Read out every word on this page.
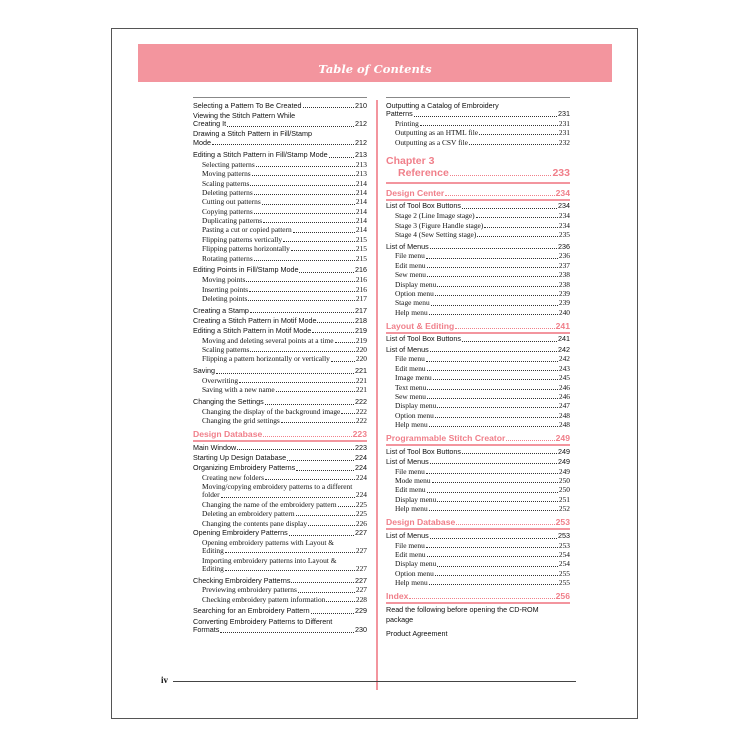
Table of Contents
Selecting a Pattern To Be Created	210
Viewing the Stitch Pattern While
Creating It	212
Drawing a Stitch Pattern in Fill/Stamp
Mode	212
Editing a Stitch Pattern in Fill/Stamp Mode	213
Selecting patterns	213
Moving patterns	213
Scaling patterns	214
Deleting patterns	214
Cutting out patterns	214
Copying patterns	214
Duplicating patterns	214
Pasting a cut or copied pattern	214
Flipping patterns vertically	215
Flipping patterns horizontally	215
Rotating patterns	215
Editing Points in Fill/Stamp Mode	216
Moving points	216
Inserting points	216
Deleting points	217
Creating a Stamp	217
Creating a Stitch Pattern in Motif Mode	218
Editing a Stitch Pattern in Motif Mode	219
Moving and deleting several points at a time	219
Scaling patterns	220
Flipping a pattern horizontally or vertically	220
Saving	221
Overwriting	221
Saving with a new name	221
Changing the Settings	222
Changing the display of the background image 222
Changing the grid settings	222
Design Database	223
Main Window	223
Starting Up Design Database	224
Organizing Embroidery Patterns	224
Creating new folders	224
Moving/copying embroidery patterns to a different
folder	224
Changing the name of the embroidery pattern	225
Deleting an embroidery pattern	225
Changing the contents pane display	226
Opening Embroidery Patterns	227
Opening embroidery patterns with Layout &
Editing	227
Importing embroidery patterns into Layout &
Editing	227
Checking Embroidery Patterns	227
Previewing embroidery patterns	227
Checking embroidery pattern information	228
Searching for an Embroidery Pattern	229
Converting Embroidery Patterns to Different
Formats	230
Outputting a Catalog of Embroidery
Patterns	231
Printing	231
Outputting as an HTML file	231
Outputting as a CSV file	232
Chapter 3
Reference	233
Design Center	234
List of Tool Box Buttons	234
Stage 2 (Line Image stage)	234
Stage 3 (Figure Handle stage)	234
Stage 4 (Sew Setting stage)	235
List of Menus	236
File menu	236
Edit menu	237
Sew menu	238
Display menu	238
Option menu	239
Stage menu	239
Help menu	240
Layout & Editing	241
List of Tool Box Buttons	241
List of Menus	242
File menu	242
Edit menu	243
Image menu	245
Text menu	246
Sew menu	246
Display menu	247
Option menu	248
Help menu	248
Programmable Stitch Creator	249
List of Tool Box Buttons	249
List of Menus	249
File menu	249
Mode menu	250
Edit menu	250
Display menu	251
Help menu	252
Design Database	253
List of Menus	253
File menu	253
Edit menu	254
Display menu	254
Option menu	255
Help menu	255
Index	256
Read the following before opening the CD-ROM
package
Product Agreement
iv
